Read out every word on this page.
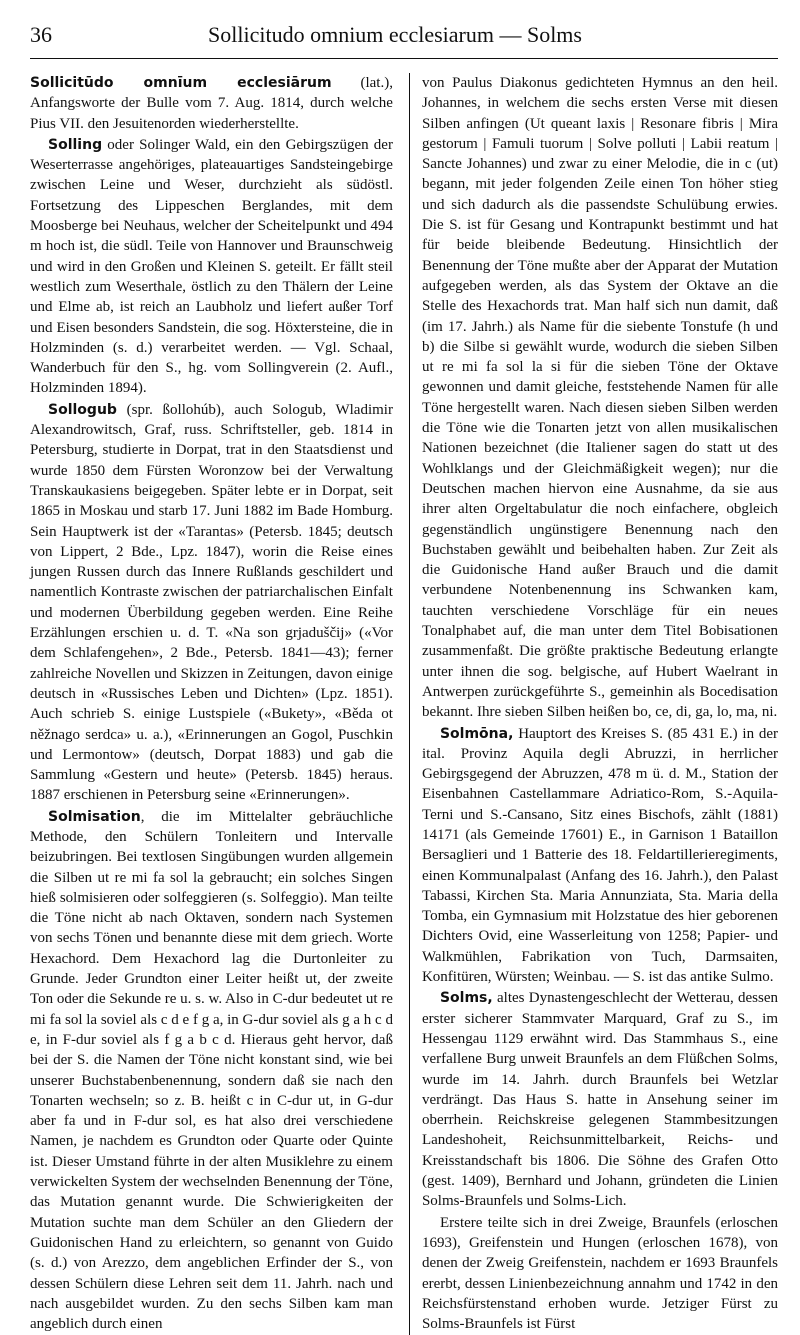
36	Sollicitudo omnium ecclesiarum — Solms

Sollicitūdo omnīum ecclesiārum (lat.), Anfangsworte der Bulle vom 7. Aug. 1814, durch welche Pius VII. den Jesuitenorden wiederherstellte.

Solling oder Solinger Wald, ein den Gebirgszügen der Weserterrasse angehöriges, plateauartiges Sandsteingebirge zwischen Leine und Weser, durchzieht als südöstl. Fortsetzung des Lippeschen Berglandes, mit dem Moosberge bei Neuhaus, welcher der Scheitelpunkt und 494 m hoch ist, die südl. Teile von Hannover und Braunschweig und wird in den Großen und Kleinen S. geteilt. Er fällt steil westlich zum Weserthale, östlich zu den Thälern der Leine und Elme ab, ist reich an Laubholz und liefert außer Torf und Eisen besonders Sandstein, die sog. Höxtersteine, die in Holzminden (s. d.) verarbeitet werden. — Vgl. Schaal, Wanderbuch für den S., hg. vom Sollingverein (2. Aufl., Holzminden 1894).

Sollogub (spr. ßollohúb), auch Sologub, Wladimir Alexandrowitsch, Graf, russ. Schriftsteller, geb. 1814 in Petersburg, studierte in Dorpat, trat in den Staatsdienst und wurde 1850 dem Fürsten Woronzow bei der Verwaltung Transkaukasiens beigegeben. Später lebte er in Dorpat, seit 1865 in Moskau und starb 17. Juni 1882 im Bade Homburg. Sein Hauptwerk ist der «Tarantas» (Petersb. 1845; deutsch von Lippert, 2 Bde., Lpz. 1847), worin die Reise eines jungen Russen durch das Innere Rußlands geschildert und namentlich Kontraste zwischen der patriarchalischen Einfalt und modernen Überbildung gegeben werden. Eine Reihe Erzählungen erschien u. d. T. «Na son grjaduščij» («Vor dem Schlafengehen», 2 Bde., Petersb. 1841—43); ferner zahlreiche Novellen und Skizzen in Zeitungen, davon einige deutsch in «Russisches Leben und Dichten» (Lpz. 1851). Auch schrieb S. einige Lustspiele («Bukety», «Běda ot něžnago serdca» u. a.), «Erinnerungen an Gogol, Puschkin und Lermontow» (deutsch, Dorpat 1883) und gab die Sammlung «Gestern und heute» (Petersb. 1845) heraus. 1887 erschienen in Petersburg seine «Erinnerungen».

Solmisation, die im Mittelalter gebräuchliche Methode, den Schülern Tonleitern und Intervalle beizubringen. Bei textlosen Singübungen wurden allgemein die Silben ut re mi fa sol la gebraucht; ein solches Singen hieß solmisieren oder solfeggieren (s. Solfeggio). Man teilte die Töne nicht ab nach Oktaven, sondern nach Systemen von sechs Tönen und benannte diese mit dem griech. Worte Hexachord. Dem Hexachord lag die Durtonleiter zu Grunde. Jeder Grundton einer Leiter heißt ut, der zweite Ton oder die Sekunde re u. s. w. Also in C-dur bedeutet ut re mi fa sol la soviel als c d e f g a, in G-dur soviel als g a h c d e, in F-dur soviel als f g a b c d. Hieraus geht hervor, daß bei der S. die Namen der Töne nicht konstant sind, wie bei unserer Buchstabenbenennung, sondern daß sie nach den Tonarten wechseln; so z. B. heißt c in C-dur ut, in G-dur aber fa und in F-dur sol, es hat also drei verschiedene Namen, je nachdem es Grundton oder Quarte oder Quinte ist. Dieser Umstand führte in der alten Musiklehre zu einem verwickelten System der wechselnden Benennung der Töne, das Mutation genannt wurde. Die Schwierigkeiten der Mutation suchte man dem Schüler an den Gliedern der Guidonischen Hand zu erleichtern, so genannt von Guido (s. d.) von Arezzo, dem angeblichen Erfinder der S., von dessen Schülern diese Lehren seit dem 11. Jahrh. nach und nach ausgebildet wurden. Zu den sechs Silben kam man angeblich durch einen

von Paulus Diakonus gedichteten Hymnus an den heil. Johannes, in welchem die sechs ersten Verse mit diesen Silben anfingen (Ut queant laxis | Resonare fibris | Mira gestorum | Famuli tuorum | Solve polluti | Labii reatum | Sancte Johannes) und zwar zu einer Melodie, die in c (ut) begann, mit jeder folgenden Zeile einen Ton höher stieg und sich dadurch als die passendste Schulübung erwies. Die S. ist für Gesang und Kontrapunkt bestimmt und hat für beide bleibende Bedeutung. Hinsichtlich der Benennung der Töne mußte aber der Apparat der Mutation aufgegeben werden, als das System der Oktave an die Stelle des Hexachords trat. Man half sich nun damit, daß (im 17. Jahrh.) als Name für die siebente Tonstufe (h und b) die Silbe si gewählt wurde, wodurch die sieben Silben ut re mi fa sol la si für die sieben Töne der Oktave gewonnen und damit gleiche, feststehende Namen für alle Töne hergestellt waren. Nach diesen sieben Silben werden die Töne wie die Tonarten jetzt von allen musikalischen Nationen bezeichnet (die Italiener sagen do statt ut des Wohlklangs und der Gleichmäßigkeit wegen); nur die Deutschen machen hiervon eine Ausnahme, da sie aus ihrer alten Orgeltabulatur die noch einfachere, obgleich gegenständlich ungünstigere Benennung nach den Buchstaben gewählt und beibehalten haben. Zur Zeit als die Guidonische Hand außer Brauch und die damit verbundene Notenbenennung ins Schwanken kam, tauchten verschiedene Vorschläge für ein neues Tonalphabet auf, die man unter dem Titel Bobisationen zusammenfaßt. Die größte praktische Bedeutung erlangte unter ihnen die sog. belgische, auf Hubert Waelrant in Antwerpen zurückgeführte S., gemeinhin als Bocedisation bekannt. Ihre sieben Silben heißen bo, ce, di, ga, lo, ma, ni.

Solmōna, Hauptort des Kreises S. (85 431 E.) in der ital. Provinz Aquila degli Abruzzi, in herrlicher Gebirgsgegend der Abruzzen, 478 m ü. d. M., Station der Eisenbahnen Castellammare Adriatico-Rom, S.-Aquila-Terni und S.-Cansano, Sitz eines Bischofs, zählt (1881) 14171 (als Gemeinde 17601) E., in Garnison 1 Bataillon Bersaglieri und 1 Batterie des 18. Feldartillerieregiments, einen Kommunalpalast (Anfang des 16. Jahrh.), den Palast Tabassi, Kirchen Sta. Maria Annunziata, Sta. Maria della Tomba, ein Gymnasium mit Holzstatue des hier geborenen Dichters Ovid, eine Wasserleitung von 1258; Papier- und Walkmühlen, Fabrikation von Tuch, Darmsaiten, Konfitüren, Würsten; Weinbau. — S. ist das antike Sulmo.

Solms, altes Dynastengeschlecht der Wetterau, dessen erster sicherer Stammvater Marquard, Graf zu S., im Hessengau 1129 erwähnt wird. Das Stammhaus S., eine verfallene Burg unweit Braunfels an dem Flüßchen Solms, wurde im 14. Jahrh. durch Braunfels bei Wetzlar verdrängt. Das Haus S. hatte in Ansehung seiner im oberrhein. Reichskreise gelegenen Stammbesitzungen Landeshoheit, Reichsunmittelbarkeit, Reichs- und Kreisstandschaft bis 1806. Die Söhne des Grafen Otto (gest. 1409), Bernhard und Johann, gründeten die Linien Solms-Braunfels und Solms-Lich.

Erstere teilte sich in drei Zweige, Braunfels (erloschen 1693), Greifenstein und Hungen (erloschen 1678), von denen der Zweig Greifenstein, nachdem er 1693 Braunfels ererbt, dessen Linienbezeichnung annahm und 1742 in den Reichsfürstenstand erhoben wurde. Jetziger Fürst zu Solms-Braunfels ist Fürst
